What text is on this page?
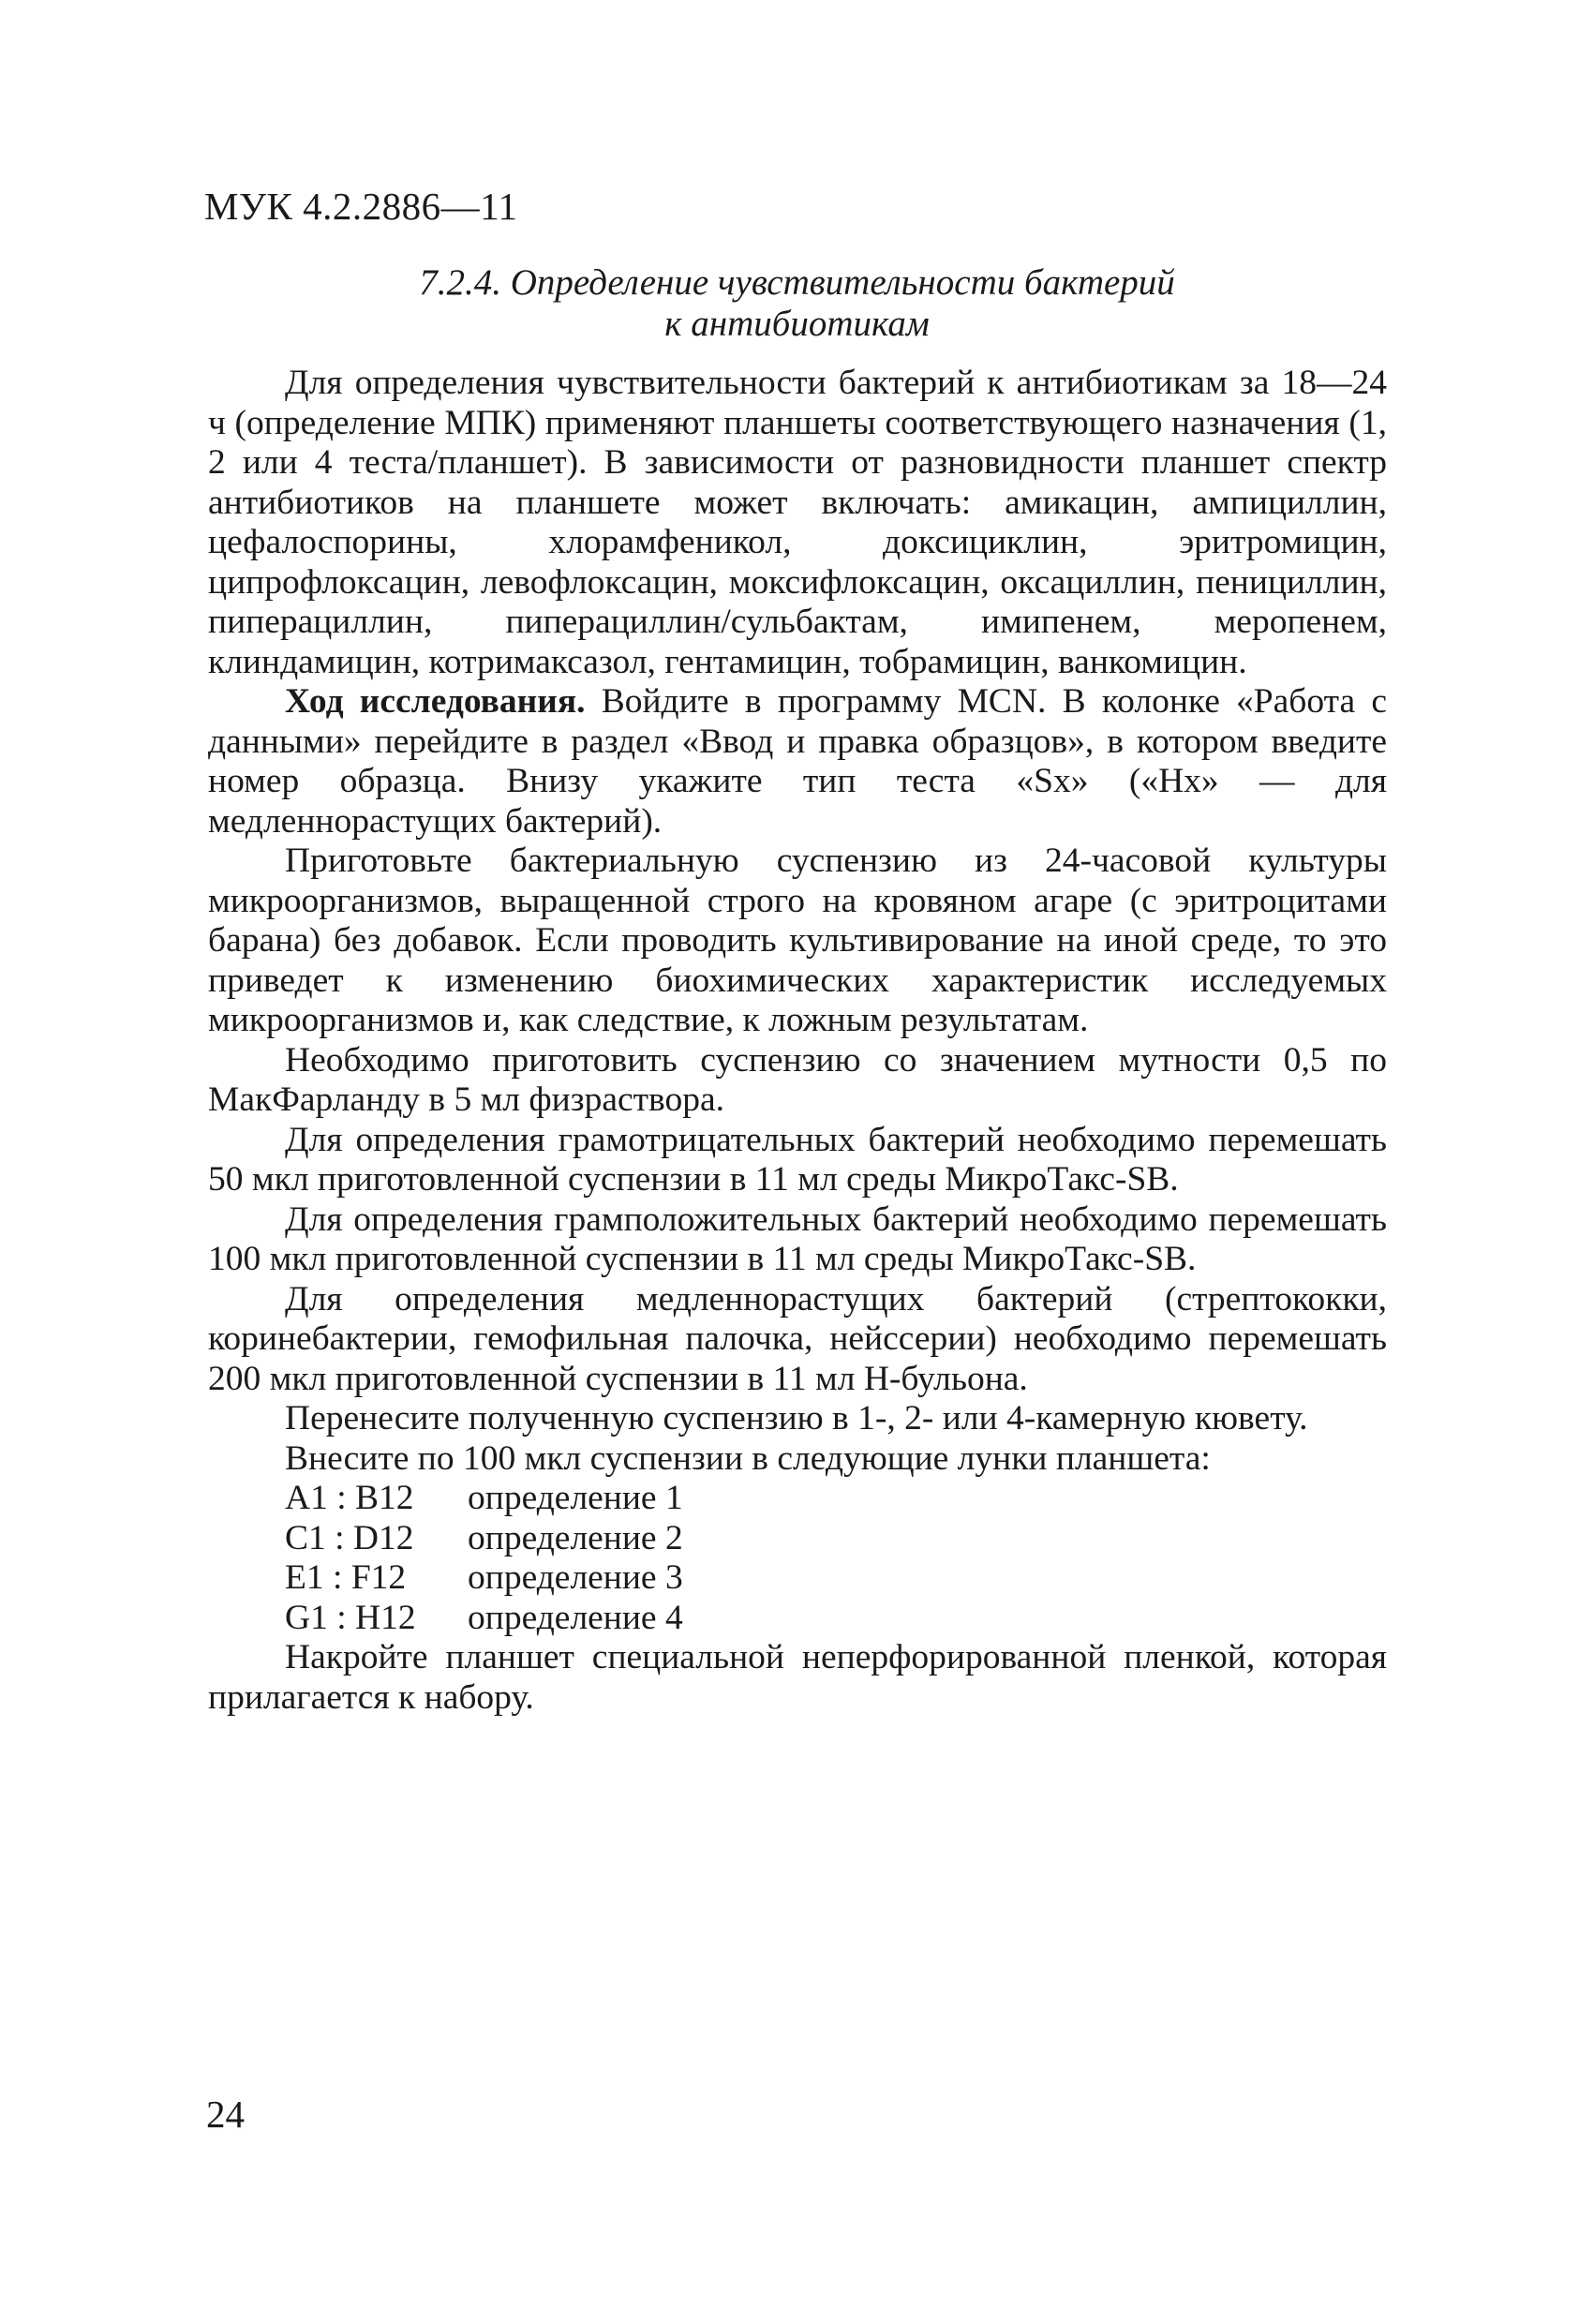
МУК 4.2.2886—11
7.2.4. Определение чувствительности бактерий
к антибиотикам

Для определения чувствительности бактерий к антибиотикам за 18—24 ч (определение МПК) применяют планшеты соответствующего назначения (1, 2 или 4 теста/планшет). В зависимости от разновидности планшет спектр антибиотиков на планшете может включать: амикацин, ампициллин, цефалоспорины, хлорамфеникол, доксициклин, эритромицин, ципрофлоксацин, левофлоксацин, моксифлоксацин, оксациллин, пенициллин, пиперациллин, пиперациллин/сульбактам, имипенем, меропенем, клиндамицин, котримаксазол, гентамицин, тобрамицин, ванкомицин.

Ход исследования. Войдите в программу MCN. В колонке «Работа с данными» перейдите в раздел «Ввод и правка образцов», в котором введите номер образца. Внизу укажите тип теста «Sx» («Hx» — для медленнорастущих бактерий).

Приготовьте бактериальную суспензию из 24-часовой культуры микроорганизмов, выращенной строго на кровяном агаре (с эритроцитами барана) без добавок. Если проводить культивирование на иной среде, то это приведет к изменению биохимических характеристик исследуемых микроорганизмов и, как следствие, к ложным результатам.

Необходимо приготовить суспензию со значением мутности 0,5 по МакФарланду в 5 мл физраствора.

Для определения грамотрицательных бактерий необходимо перемешать 50 мкл приготовленной суспензии в 11 мл среды МикроТакс-SB.

Для определения грамположительных бактерий необходимо перемешать 100 мкл приготовленной суспензии в 11 мл среды МикроТакс-SB.

Для определения медленнорастущих бактерий (стрептококки, коринебактерии, гемофильная палочка, нейссерии) необходимо перемешать 200 мкл приготовленной суспензии в 11 мл Н-бульона.

Перенесите полученную суспензию в 1-, 2- или 4-камерную кювету.

Внесите по 100 мкл суспензии в следующие лунки планшета:

A1 : B12	определение 1
C1 : D12	определение 2
E1 : F12	определение 3
G1 : H12	определение 4

Накройте планшет специальной неперфорированной пленкой, которая прилагается к набору.

24
